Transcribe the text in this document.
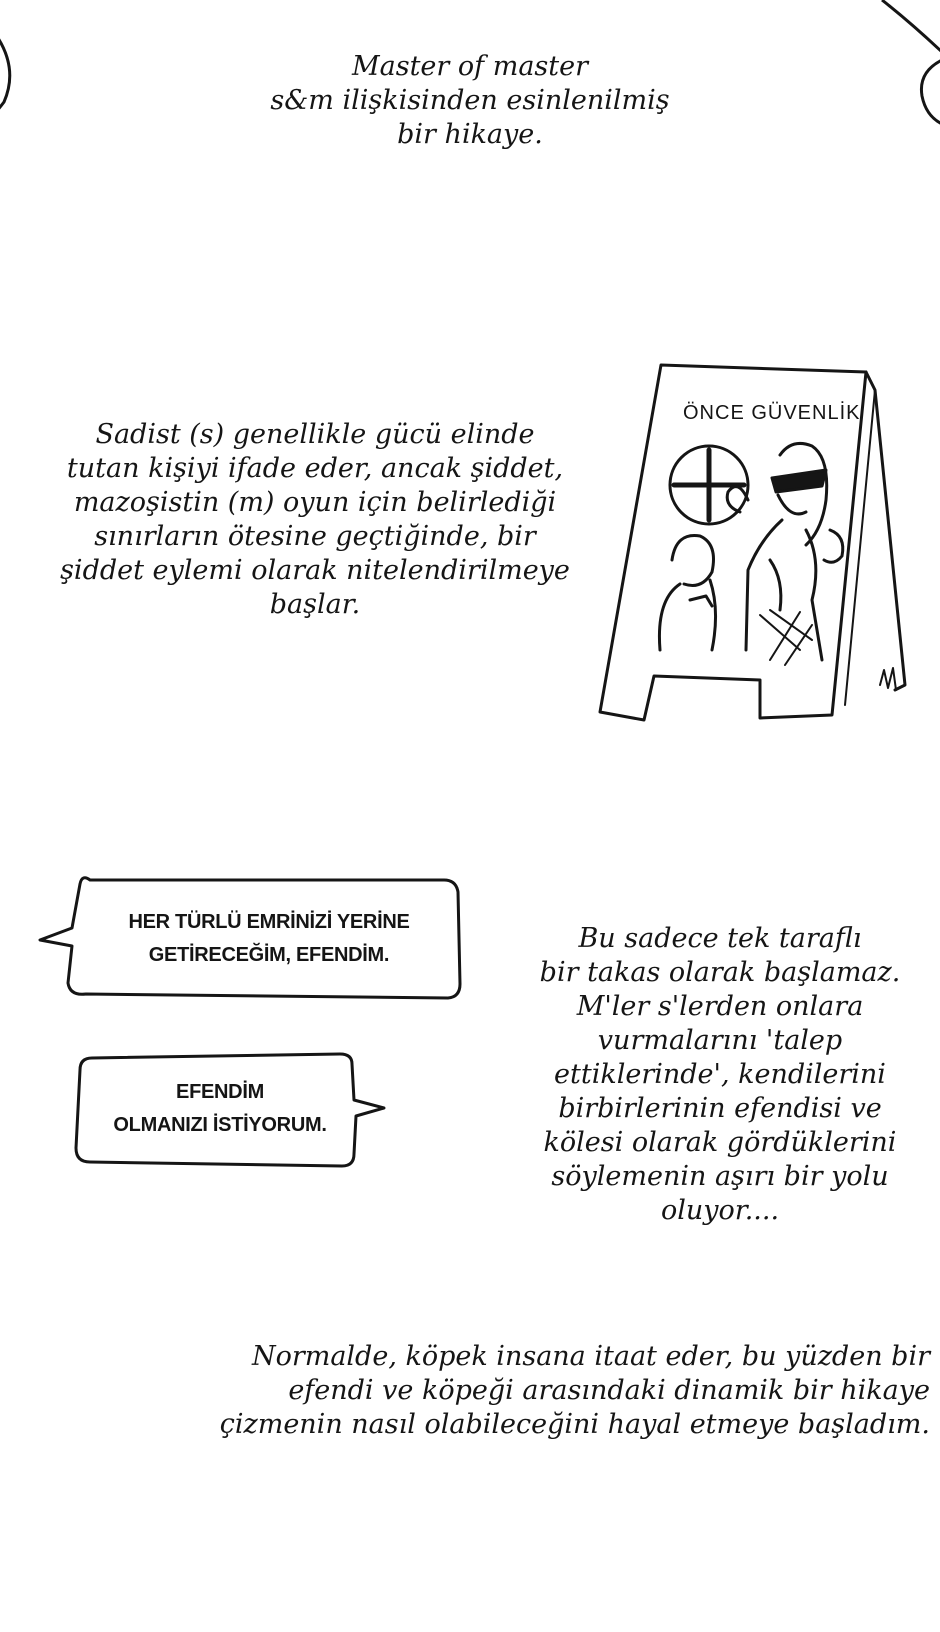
Master of master
s&m ilişkisinden esinlenilmiş
bir hikaye.

Sadist (s) genellikle gücü elinde
tutan kişiyi ifade eder, ancak şiddet,
mazoşistin (m) oyun için belirlediği
sınırların ötesine geçtiğinde, bir
şiddet eylemi olarak nitelendirilmeye
başlar.

ÖNCE GÜVENLİK
HER TÜRLÜ EMRİNİZİ YERİNE
GETİRECEĞİM, EFENDİM.
EFENDİM
OLMANIZI İSTİYORUM.

Bu sadece tek taraflı
bir takas olarak başlamaz.
M'ler s'lerden onlara
vurmalarını 'talep
ettiklerinde', kendilerini
birbirlerinin efendisi ve
kölesi olarak gördüklerini
söylemenin aşırı bir yolu
oluyor....

Normalde, köpek insana itaat eder, bu yüzden bir
efendi ve köpeği arasındaki dinamik bir hikaye
çizmenin nasıl olabileceğini hayal etmeye başladım.
